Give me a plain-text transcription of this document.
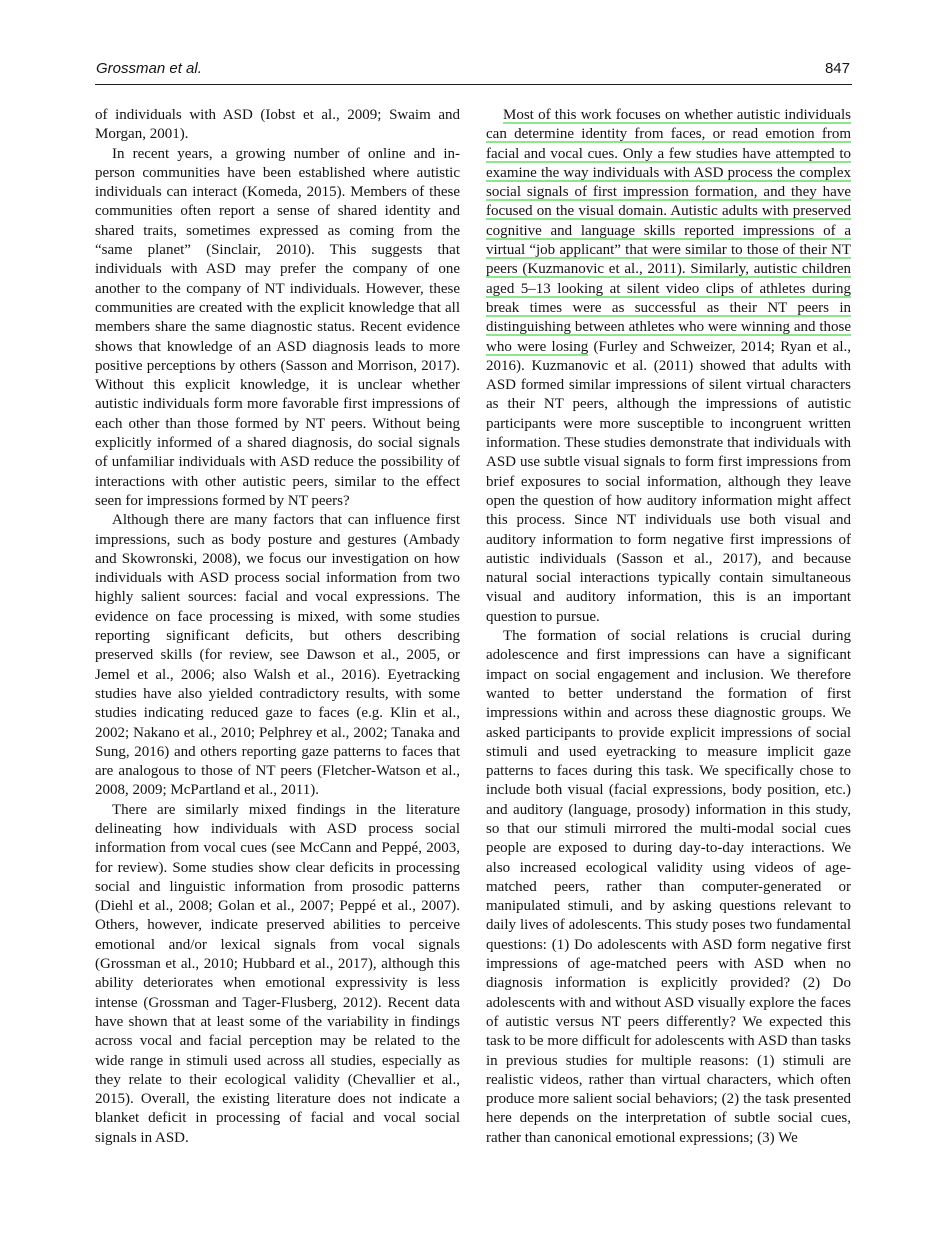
Grossman et al.	847

of individuals with ASD (Iobst et al., 2009; Swaim and Morgan, 2001).

In recent years, a growing number of online and in-person communities have been established where autistic individuals can interact (Komeda, 2015). Members of these communities often report a sense of shared identity and shared traits, sometimes expressed as coming from the “same planet” (Sinclair, 2010). This suggests that individuals with ASD may prefer the company of one another to the company of NT individuals. However, these communities are created with the explicit knowledge that all members share the same diagnostic status. Recent evidence shows that knowledge of an ASD diagnosis leads to more positive perceptions by others (Sasson and Morrison, 2017). Without this explicit knowledge, it is unclear whether autistic individuals form more favorable first impressions of each other than those formed by NT peers. Without being explicitly informed of a shared diagnosis, do social signals of unfamiliar individuals with ASD reduce the possibility of interactions with other autistic peers, similar to the effect seen for impressions formed by NT peers?

Although there are many factors that can influence first impressions, such as body posture and gestures (Ambady and Skowronski, 2008), we focus our investigation on how individuals with ASD process social information from two highly salient sources: facial and vocal expressions. The evidence on face processing is mixed, with some studies reporting significant deficits, but others describing preserved skills (for review, see Dawson et al., 2005, or Jemel et al., 2006; also Walsh et al., 2016). Eyetracking studies have also yielded contradictory results, with some studies indicating reduced gaze to faces (e.g. Klin et al., 2002; Nakano et al., 2010; Pelphrey et al., 2002; Tanaka and Sung, 2016) and others reporting gaze patterns to faces that are analogous to those of NT peers (Fletcher-Watson et al., 2008, 2009; McPartland et al., 2011).

There are similarly mixed findings in the literature delineating how individuals with ASD process social information from vocal cues (see McCann and Peppé, 2003, for review). Some studies show clear deficits in processing social and linguistic information from prosodic patterns (Diehl et al., 2008; Golan et al., 2007; Peppé et al., 2007). Others, however, indicate preserved abilities to perceive emotional and/or lexical signals from vocal signals (Grossman et al., 2010; Hubbard et al., 2017), although this ability deteriorates when emotional expressivity is less intense (Grossman and Tager-Flusberg, 2012). Recent data have shown that at least some of the variability in findings across vocal and facial perception may be related to the wide range in stimuli used across all studies, especially as they relate to their ecological validity (Chevallier et al., 2015). Overall, the existing literature does not indicate a blanket deficit in processing of facial and vocal social signals in ASD.

Most of this work focuses on whether autistic individuals can determine identity from faces, or read emotion from facial and vocal cues. Only a few studies have attempted to examine the way individuals with ASD process the complex social signals of first impression formation, and they have focused on the visual domain. Autistic adults with preserved cognitive and language skills reported impressions of a virtual “job applicant” that were similar to those of their NT peers (Kuzmanovic et al., 2011). Similarly, autistic children aged 5–13 looking at silent video clips of athletes during break times were as successful as their NT peers in distinguishing between athletes who were winning and those who were losing (Furley and Schweizer, 2014; Ryan et al., 2016). Kuzmanovic et al. (2011) showed that adults with ASD formed similar impressions of silent virtual characters as their NT peers, although the impressions of autistic participants were more susceptible to incongruent written information. These studies demonstrate that individuals with ASD use subtle visual signals to form first impressions from brief exposures to social information, although they leave open the question of how auditory information might affect this process. Since NT individuals use both visual and auditory information to form negative first impressions of autistic individuals (Sasson et al., 2017), and because natural social interactions typically contain simultaneous visual and auditory information, this is an important question to pursue.

The formation of social relations is crucial during adolescence and first impressions can have a significant impact on social engagement and inclusion. We therefore wanted to better understand the formation of first impressions within and across these diagnostic groups. We asked participants to provide explicit impressions of social stimuli and used eyetracking to measure implicit gaze patterns to faces during this task. We specifically chose to include both visual (facial expressions, body position, etc.) and auditory (language, prosody) information in this study, so that our stimuli mirrored the multi-modal social cues people are exposed to during day-to-day interactions. We also increased ecological validity using videos of age-matched peers, rather than computer-generated or manipulated stimuli, and by asking questions relevant to daily lives of adolescents. This study poses two fundamental questions: (1) Do adolescents with ASD form negative first impressions of age-matched peers with ASD when no diagnosis information is explicitly provided? (2) Do adolescents with and without ASD visually explore the faces of autistic versus NT peers differently? We expected this task to be more difficult for adolescents with ASD than tasks in previous studies for multiple reasons: (1) stimuli are realistic videos, rather than virtual characters, which often produce more salient social behaviors; (2) the task presented here depends on the interpretation of subtle social cues, rather than canonical emotional expressions; (3) We
